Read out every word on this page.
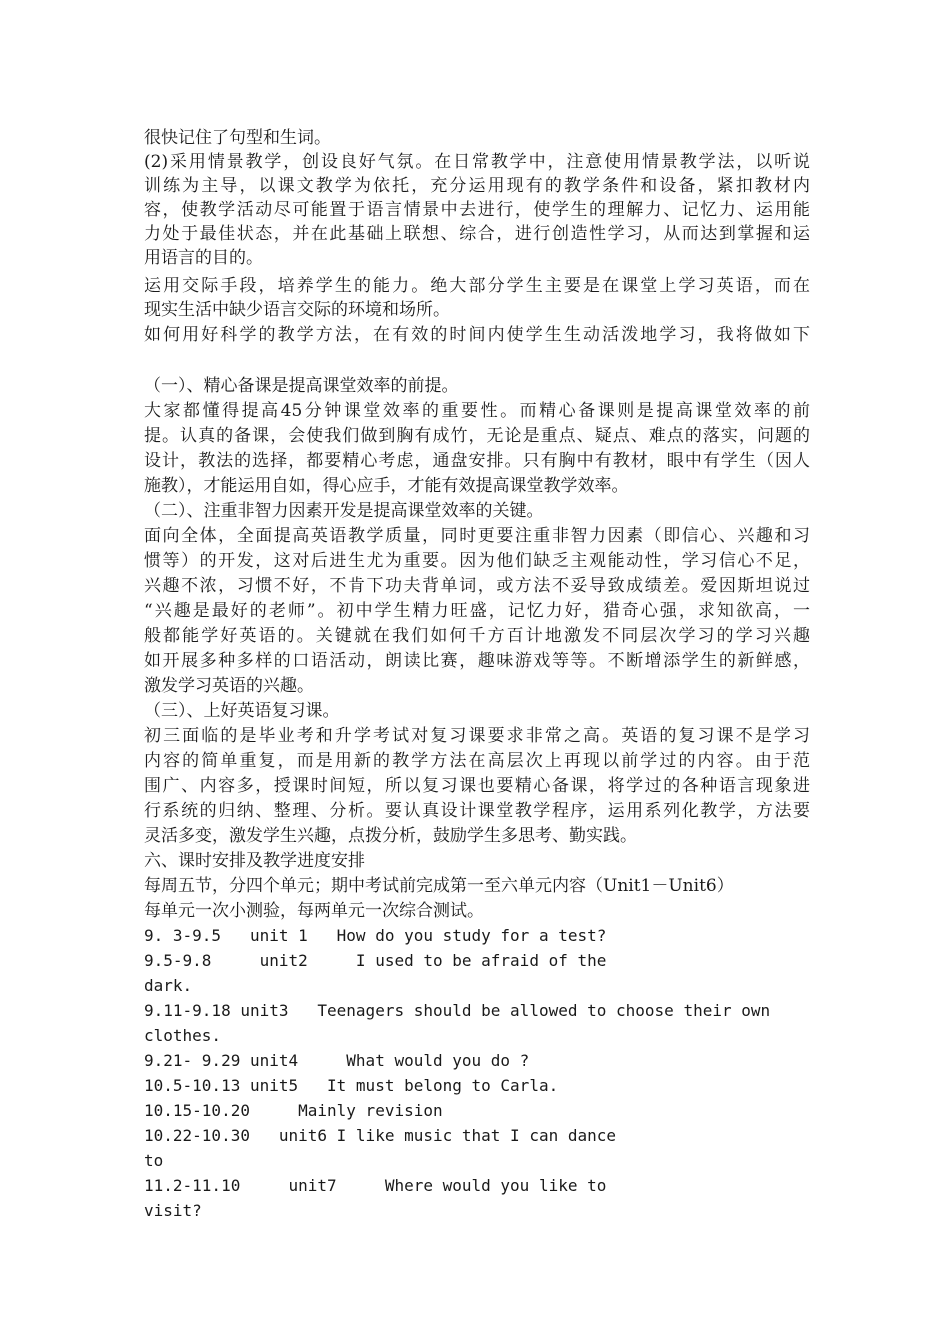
很快记住了句型和生词。
(2)采用情景教学，创设良好气氛。在日常教学中，注意使用情景教学法，以听说
训练为主导，以课文教学为依托，充分运用现有的教学条件和设备，紧扣教材内
容，使教学活动尽可能置于语言情景中去进行，使学生的理解力、记忆力、运用能
力处于最佳状态，并在此基础上联想、综合，进行创造性学习，从而达到掌握和运
用语言的目的。
运用交际手段，培养学生的能力。绝大部分学生主要是在课堂上学习英语，而在
现实生活中缺少语言交际的环境和场所。
如何用好科学的教学方法，在有效的时间内使学生生动活泼地学习，我将做如下
（一）、精心备课是提高课堂效率的前提。
大家都懂得提高45分钟课堂效率的重要性。而精心备课则是提高课堂效率的前
提。认真的备课，会使我们做到胸有成竹，无论是重点、疑点、难点的落实，问题的
设计，教法的选择，都要精心考虑，通盘安排。只有胸中有教材，眼中有学生（因人
施教），才能运用自如，得心应手，才能有效提高课堂教学效率。
（二）、注重非智力因素开发是提高课堂效率的关键。
面向全体，全面提高英语教学质量，同时更要注重非智力因素（即信心、兴趣和习
惯等）的开发，这对后进生尤为重要。因为他们缺乏主观能动性，学习信心不足，
兴趣不浓，习惯不好，不肯下功夫背单词，或方法不妥导致成绩差。爱因斯坦说过
“兴趣是最好的老师”。初中学生精力旺盛，记忆力好，猎奇心强，求知欲高，一
般都能学好英语的。关键就在我们如何千方百计地激发不同层次学习的学习兴趣
如开展多种多样的口语活动，朗读比赛，趣味游戏等等。不断增添学生的新鲜感，
激发学习英语的兴趣。
（三）、上好英语复习课。
初三面临的是毕业考和升学考试对复习课要求非常之高。英语的复习课不是学习
内容的简单重复，而是用新的教学方法在高层次上再现以前学过的内容。由于范
围广、内容多，授课时间短，所以复习课也要精心备课，将学过的各种语言现象进
行系统的归纳、整理、分析。要认真设计课堂教学程序，运用系列化教学，方法要
灵活多变，激发学生兴趣，点拨分析，鼓励学生多思考、勤实践。
六、课时安排及教学进度安排
每周五节，分四个单元；期中考试前完成第一至六单元内容（Unit1－Unit6）
每单元一次小测验，每两单元一次综合测试。
9. 3-9.5   unit 1   How do you study for a test?
9.5-9.8     unit2     I used to be afraid of the
dark.
9.11-9.18 unit3   Teenagers should be allowed to choose their own
clothes.
9.21- 9.29 unit4     What would you do ?
10.5-10.13 unit5   It must belong to Carla.
10.15-10.20     Mainly revision
10.22-10.30   unit6 I like music that I can dance
to
11.2-11.10     unit7     Where would you like to
visit?
